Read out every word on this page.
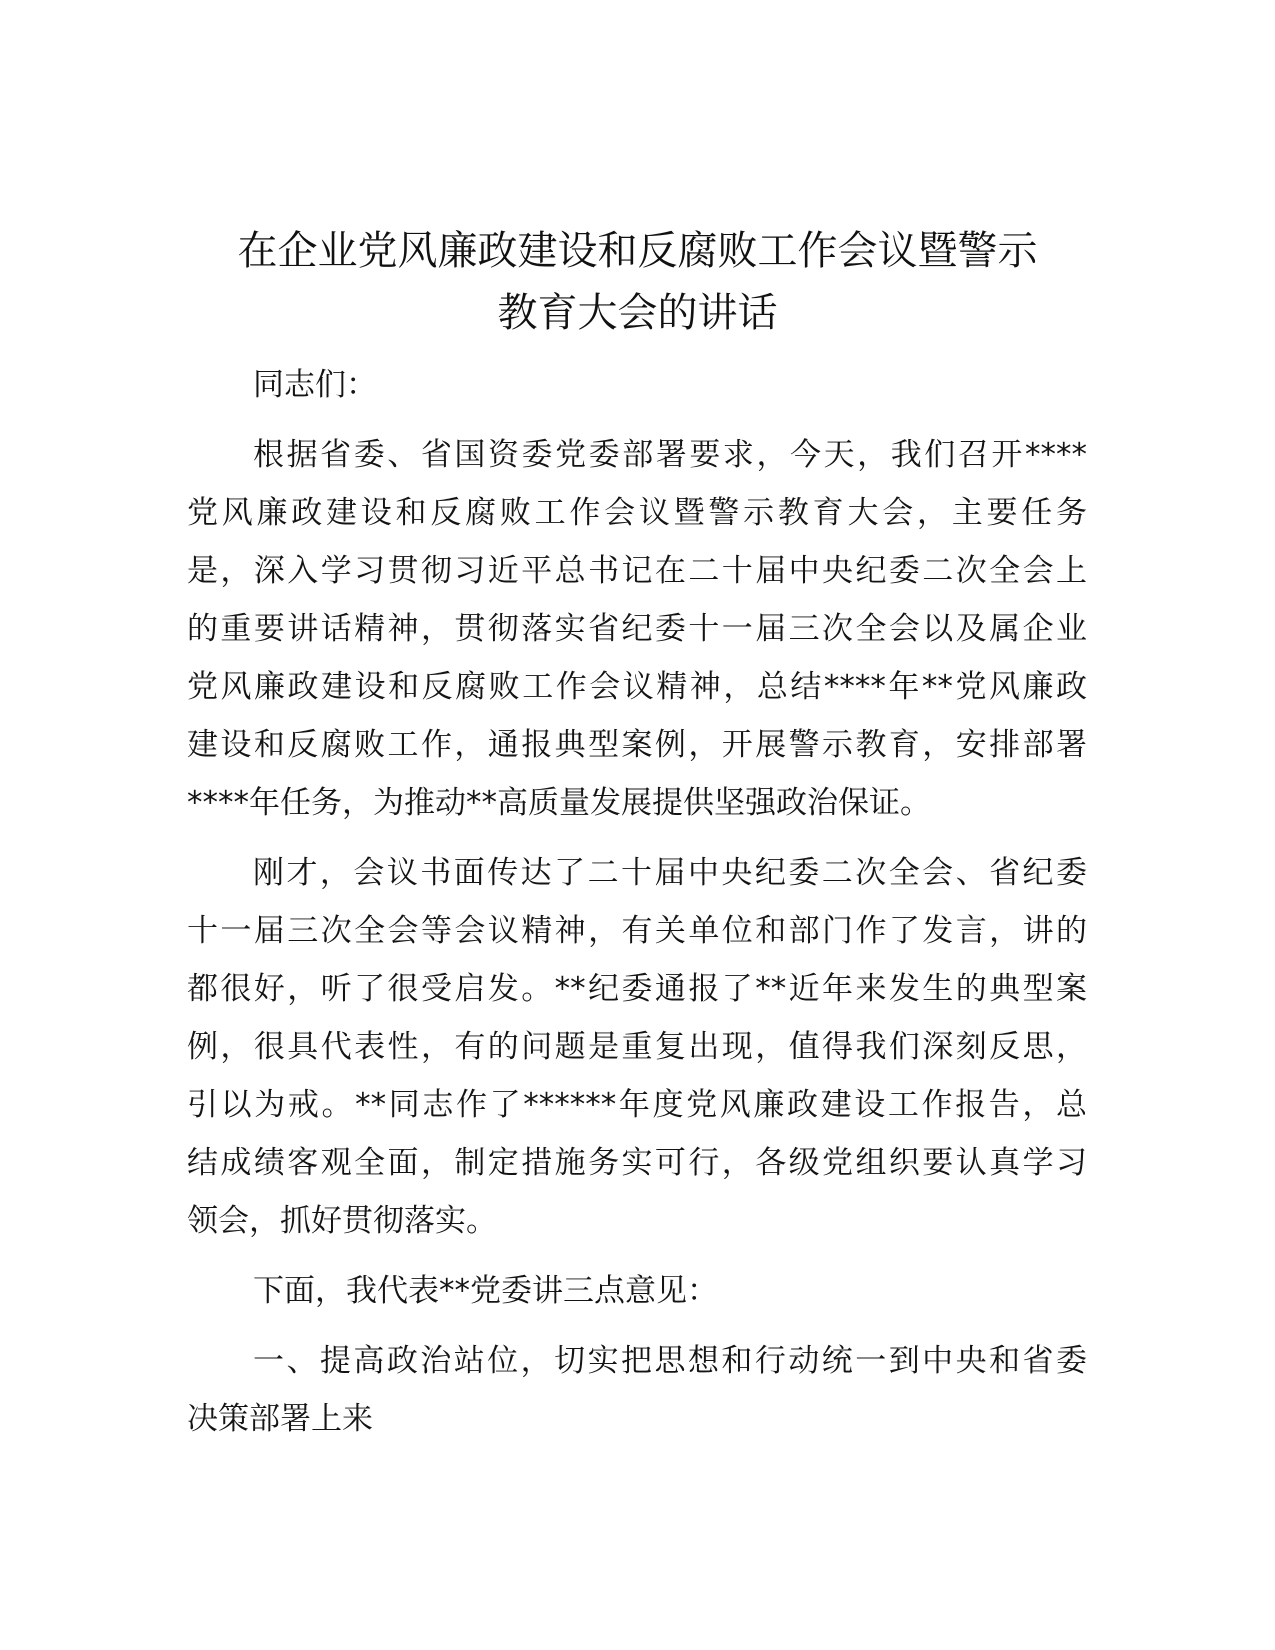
在企业党风廉政建设和反腐败工作会议暨警示
教育大会的讲话
同志们：
根据省委、省国资委党委部署要求，今天，我们召开****
党风廉政建设和反腐败工作会议暨警示教育大会，主要任务
是，深入学习贯彻习近平总书记在二十届中央纪委二次全会上
的重要讲话精神，贯彻落实省纪委十一届三次全会以及属企业
党风廉政建设和反腐败工作会议精神，总结****年**党风廉政
建设和反腐败工作，通报典型案例，开展警示教育，安排部署
****年任务，为推动**高质量发展提供坚强政治保证。
刚才，会议书面传达了二十届中央纪委二次全会、省纪委
十一届三次全会等会议精神，有关单位和部门作了发言，讲的
都很好，听了很受启发。**纪委通报了**近年来发生的典型案
例，很具代表性，有的问题是重复出现，值得我们深刻反思，
引以为戒。**同志作了******年度党风廉政建设工作报告，总
结成绩客观全面，制定措施务实可行，各级党组织要认真学习
领会，抓好贯彻落实。
下面，我代表**党委讲三点意见：
一、提高政治站位，切实把思想和行动统一到中央和省委
决策部署上来
